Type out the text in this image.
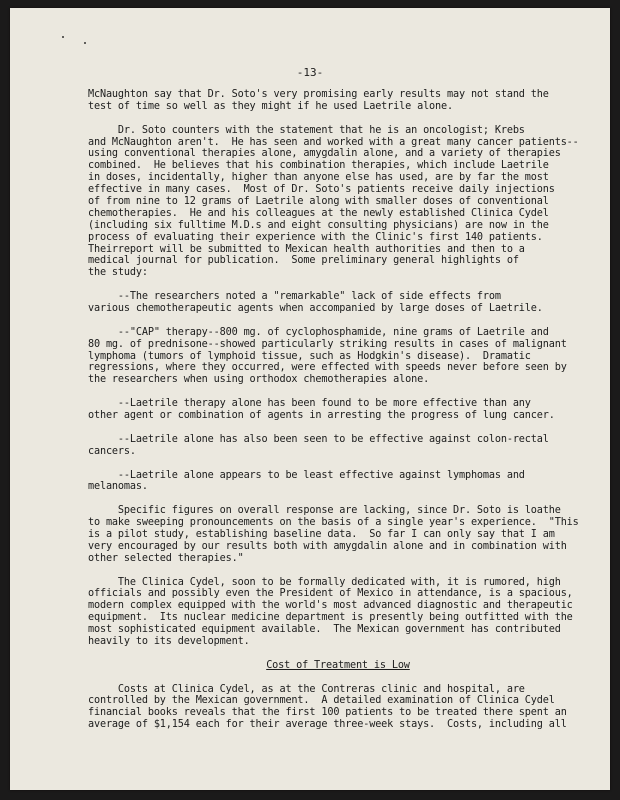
-13-
McNaughton say that Dr. Soto's very promising early results may not stand the
test of time so well as they might if he used Laetrile alone.
Dr. Soto counters with the statement that he is an oncologist; Krebs
and McNaughton aren't.  He has seen and worked with a great many cancer patients--
using conventional therapies alone, amygdalin alone, and a variety of therapies
combined.  He believes that his combination therapies, which include Laetrile
in doses, incidentally, higher than anyone else has used, are by far the most
effective in many cases.  Most of Dr. Soto's patients receive daily injections
of from nine to 12 grams of Laetrile along with smaller doses of conventional
chemotherapies.  He and his colleagues at the newly established Clinica Cydel
(including six fulltime M.D.s and eight consulting physicians) are now in the
process of evaluating their experience with the Clinic's first 140 patients.
Theirreport will be submitted to Mexican health authorities and then to a
medical journal for publication.  Some preliminary general highlights of
the study:
--The researchers noted a "remarkable" lack of side effects from
various chemotherapeutic agents when accompanied by large doses of Laetrile.
--"CAP" therapy--800 mg. of cyclophosphamide, nine grams of Laetrile and
80 mg. of prednisone--showed particularly striking results in cases of malignant
lymphoma (tumors of lymphoid tissue, such as Hodgkin's disease).  Dramatic
regressions, where they occurred, were effected with speeds never before seen by
the researchers when using orthodox chemotherapies alone.
--Laetrile therapy alone has been found to be more effective than any
other agent or combination of agents in arresting the progress of lung cancer.
--Laetrile alone has also been seen to be effective against colon-rectal
cancers.
--Laetrile alone appears to be least effective against lymphomas and
melanomas.
Specific figures on overall response are lacking, since Dr. Soto is loathe
to make sweeping pronouncements on the basis of a single year's experience.  "This
is a pilot study, establishing baseline data.  So far I can only say that I am
very encouraged by our results both with amygdalin alone and in combination with
other selected therapies."
The Clinica Cydel, soon to be formally dedicated with, it is rumored, high
officials and possibly even the President of Mexico in attendance, is a spacious,
modern complex equipped with the world's most advanced diagnostic and therapeutic
equipment.  Its nuclear medicine department is presently being outfitted with the
most sophisticated equipment available.  The Mexican government has contributed
heavily to its development.
Cost of Treatment is Low
Costs at Clinica Cydel, as at the Contreras clinic and hospital, are
controlled by the Mexican government.  A detailed examination of Clinica Cydel
financial books reveals that the first 100 patients to be treated there spent an
average of $1,154 each for their average three-week stays.  Costs, including all
